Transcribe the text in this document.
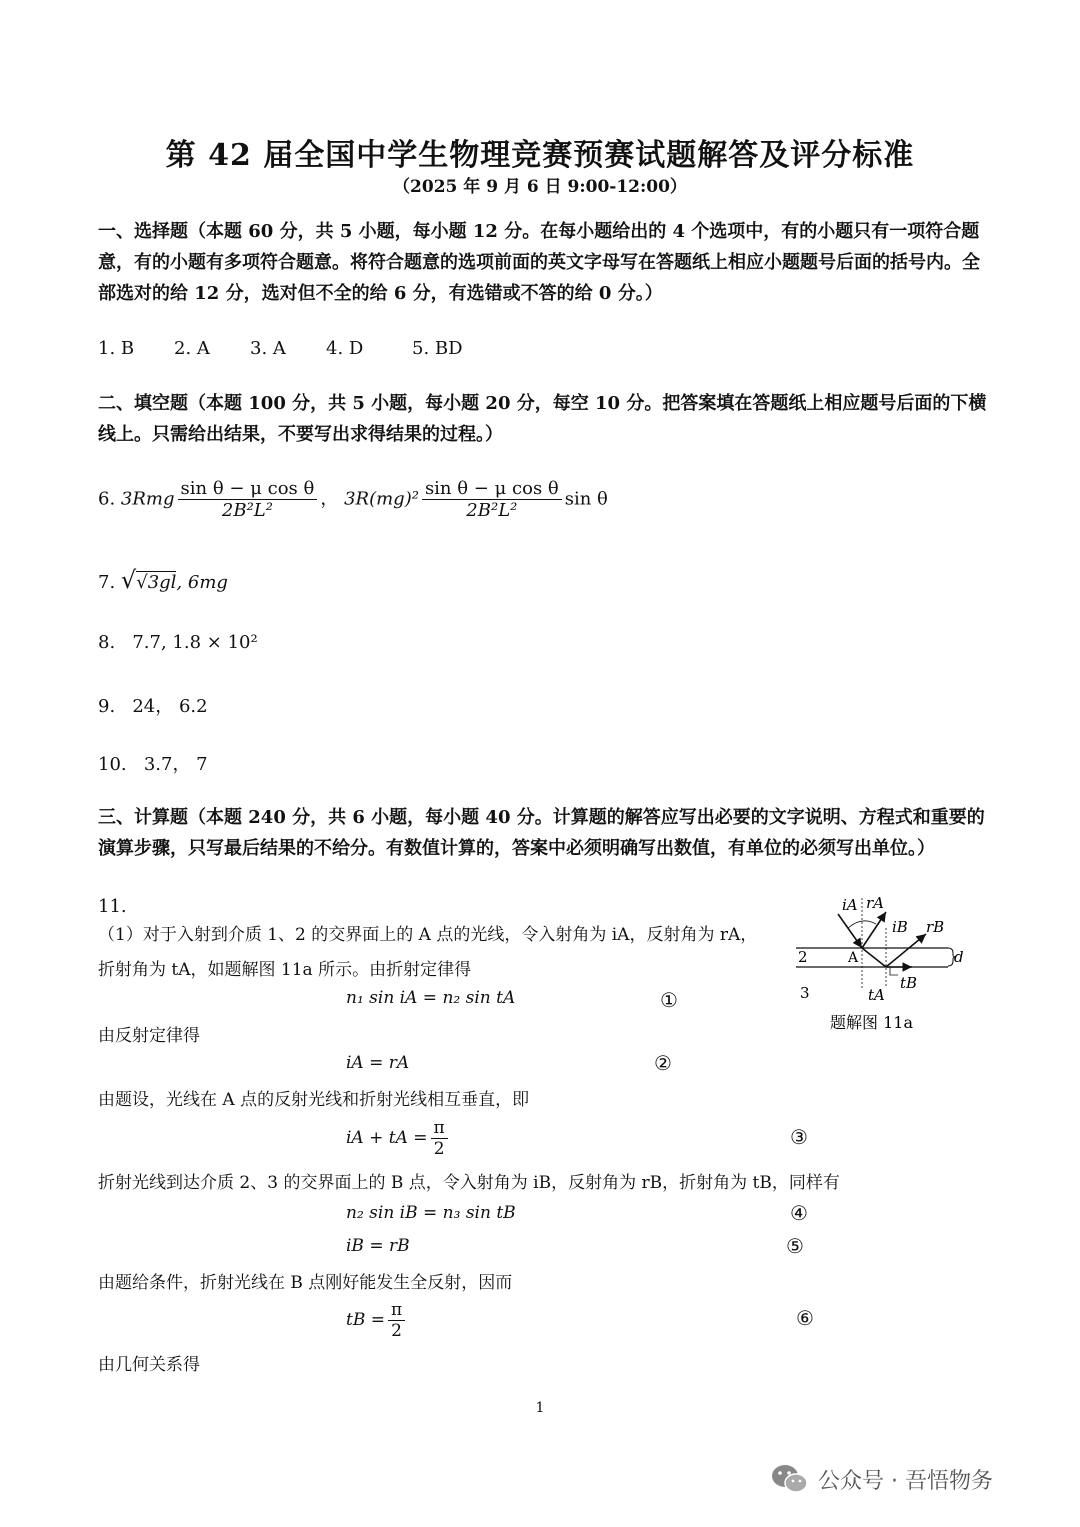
第 42 届全国中学生物理竞赛预赛试题解答及评分标准
（2025 年 9 月 6 日 9:00-12:00）
一、选择题（本题 60 分，共 5 小题，每小题 12 分。在每小题给出的 4 个选项中，有的小题只有一项符合题意，有的小题有多项符合题意。将符合题意的选项前面的英文字母写在答题纸上相应小题题号后面的括号内。全部选对的给 12 分，选对但不全的给 6 分，有选错或不答的给 0 分。）
1. B 2. A 3. A 4. D	5. BD
二、填空题（本题 100 分，共 5 小题，每小题 20 分，每空 10 分。把答案填在答题纸上相应题号后面的下横线上。只需给出结果，不要写出求得结果的过程。）
6. $3Rmg \frac{\text{sin θ − μ cos θ}}{\text{2B²L²}}$ ， $3R(mg)^2 \frac{\text{sin θ − μ cos θ}}{\text{2B²L²}}$ sin θ
7. √√3gl, 6mg
8. 7.7, 1.8 × 10²
9. 24， 6.2
10. 3.7， 7
三、计算题（本题 240 分，共 6 小题，每小题 40 分。计算题的解答应写出必要的文字说明、方程式和重要的演算步骤，只写最后结果的不给分。有数值计算的，答案中必须明确写出数值，有单位的必须写出单位。）
11.
（1）对于入射到介质 1、2 的交界面上的 A 点的光线，令入射角为 iA，反射角为 rA，
折射角为 tA，如题解图 11a 所示。由折射定律得
n₁ sin iA = n₂ sin tA	①
由反射定律得
iA = rA	②
由题设，光线在 A 点的反射光线和折射光线相互垂直，即
iA + tA = $\frac{\pi}{2}$	③
折射光线到达介质 2、3 的交界面上的 B 点，令入射角为 iB，反射角为 rB，折射角为 tB，同样有
n₂ sin iB = n₃ sin tB	④
iB = rB	⑤
由题给条件，折射光线在 B 点刚好能发生全反射，因而
tB = $\frac{\pi}{2}$	⑥
由几何关系得
iA rA
iB rB
A	d
2
3	tA
tB
题解图 11a
1
公众号 · 吾悟物务
